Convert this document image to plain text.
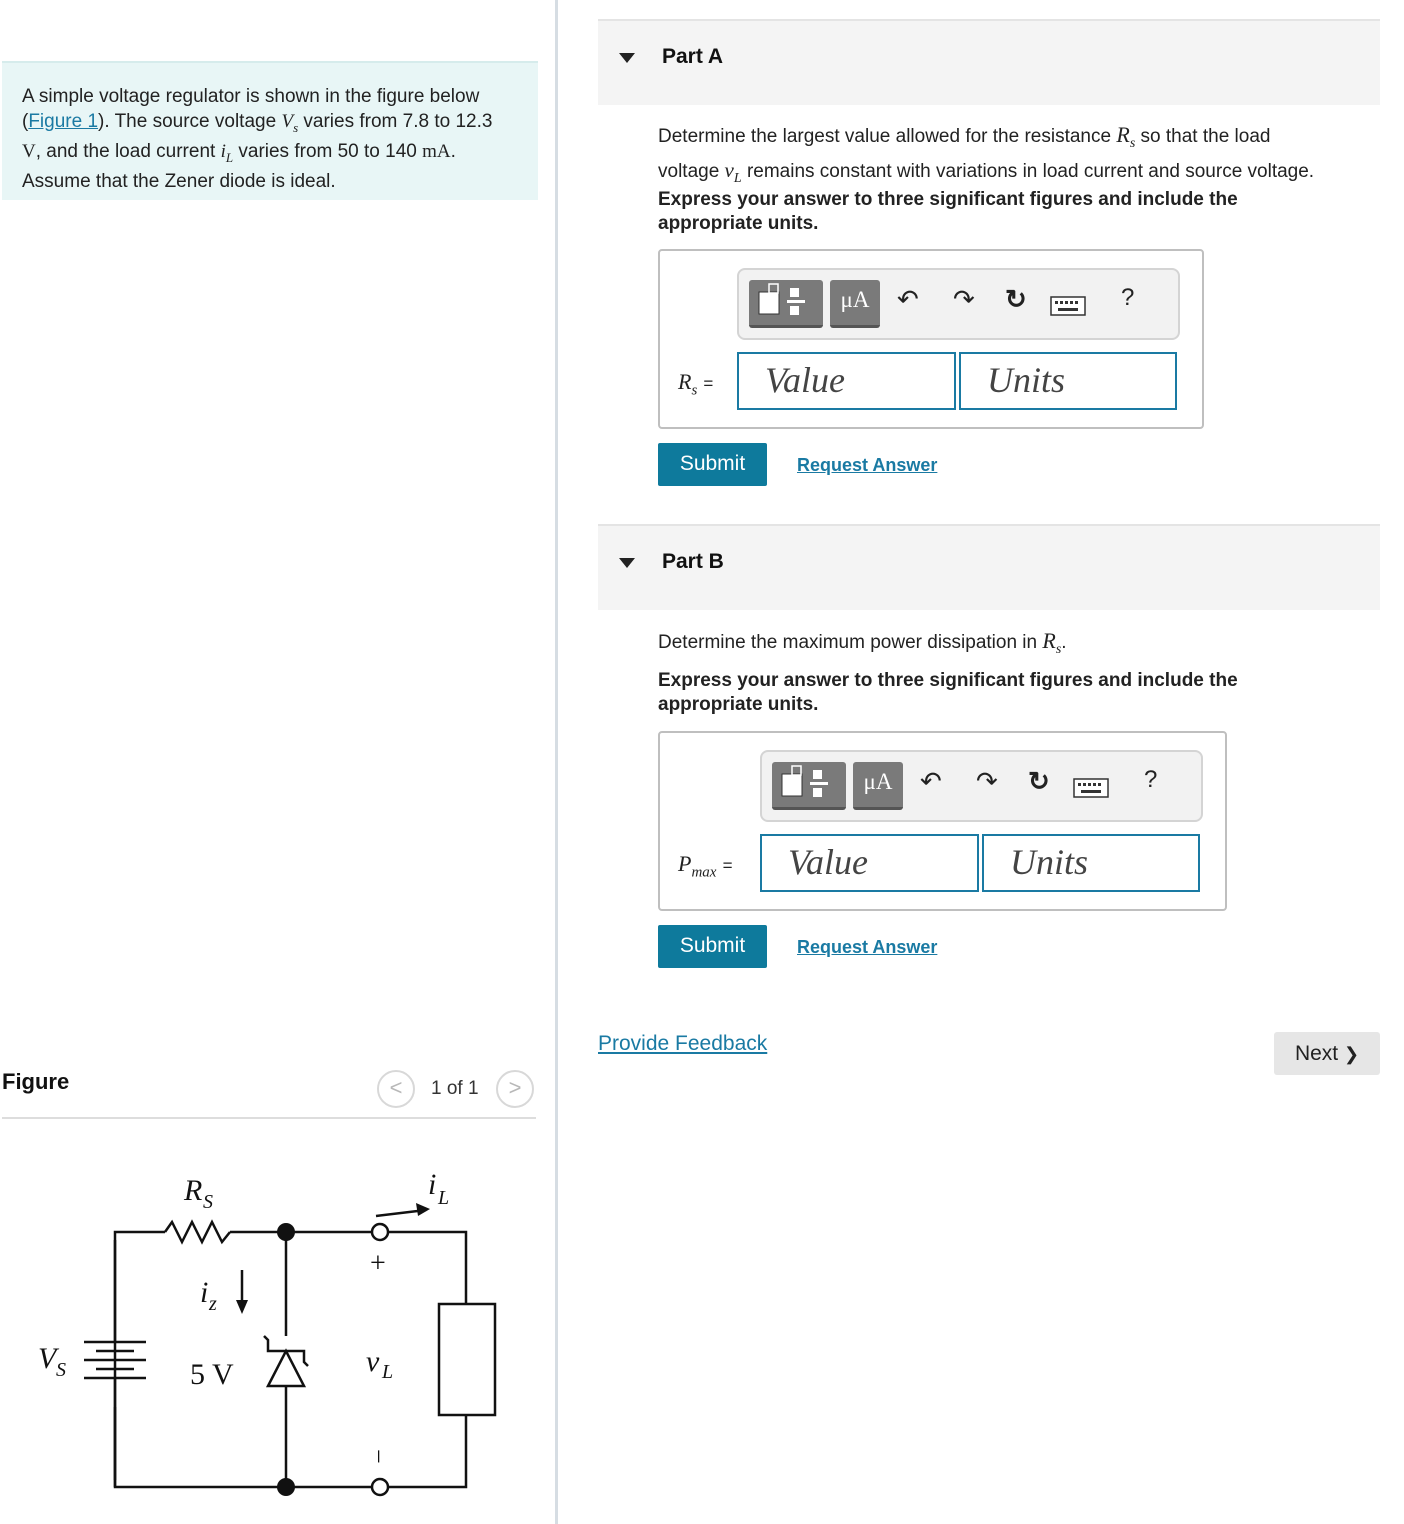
A simple voltage regulator is shown in the figure below (Figure 1). The source voltage $V_s$ varies from 7.8 to 12.3
V, and the load current $i_L$ varies from 50 to 140 mA.
Assume that the Zener diode is ideal.
Figure	<	1 of 1	>
R S
i L
i z
V S	5 V	v L
+
−
Part A
Determine the largest value allowed for the resistance $R_s$ so that the load
voltage $v_L$ remains constant with variations in load current and source voltage.
Express your answer to three significant figures and include the
appropriate units.
μA	↶ ↷ ↻	?
$R_s$ =	Value	Units
Submit	Request Answer
Part B
Determine the maximum power dissipation in $R_s$.
Express your answer to three significant figures and include the
appropriate units.
μA	↶ ↷ ↻	?
$P_{max}$ =	Value	Units
Submit	Request Answer
Provide Feedback	Next ❯
